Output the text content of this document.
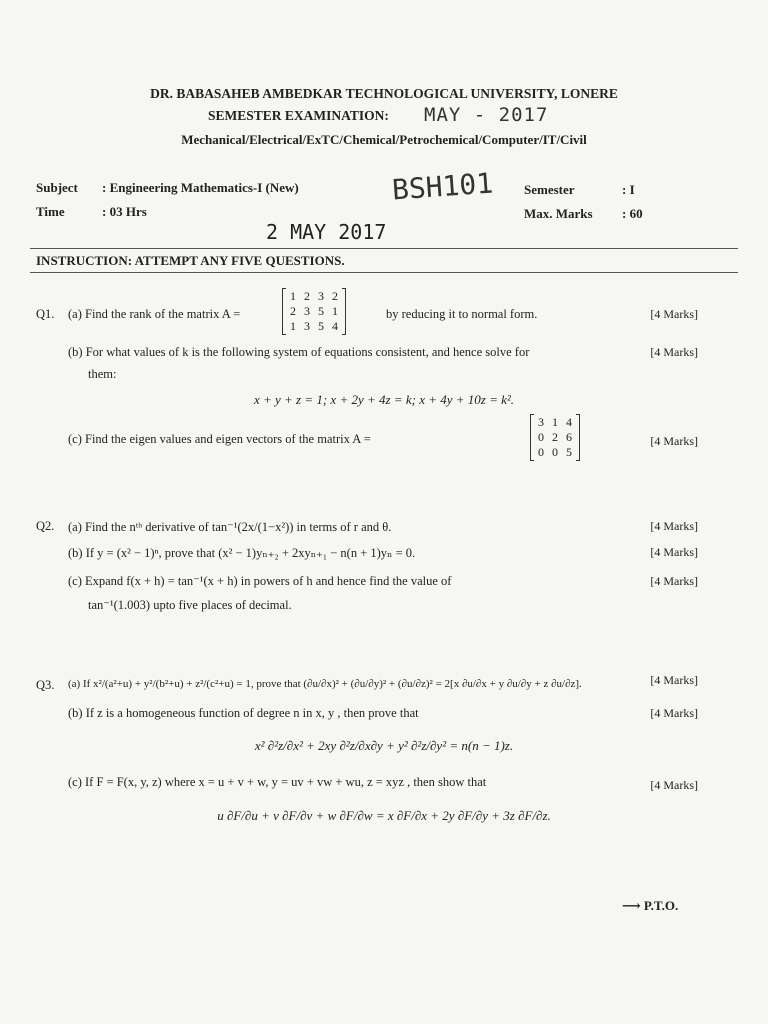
DR. BABASAHEB AMBEDKAR TECHNOLOGICAL UNIVERSITY, LONERE
SEMESTER EXAMINATION: MAY - 2017
Mechanical/Electrical/ExTC/Chemical/Petrochemical/Computer/IT/Civil
Subject : Engineering Mathematics-I (New)
Time	: 03 Hrs
BSH101 Semester	: I
Max. Marks : 60
2 MAY 2017
INSTRUCTION: ATTEMPT ANY FIVE QUESTIONS.
Q1. (a) Find the rank of the matrix A =
1	2	3	2
2	3	5	1
1	3	5	4
by reducing it to normal form.	[4 Marks]
(b) For what values of k is the following system of equations consistent, and hence solve for	[4 Marks]
them:
x + y + z = 1; x + 2y + 4z = k; x + 4y + 10z = k².
(c) Find the eigen values and eigen vectors of the matrix A =
3	1	4
0	2	6
0	0	5
[4 Marks]
Q2. (a) Find the nᵗʰ derivative of tan⁻¹(2x/(1−x²)) in terms of r and θ.	[4 Marks]
(b) If y = (x² − 1)ⁿ, prove that (x² − 1)yₙ₊₂ + 2xyₙ₊₁ − n(n + 1)yₙ = 0.	[4 Marks]
(c) Expand f(x + h) = tan⁻¹(x + h) in powers of h and hence find the value of	[4 Marks]
tan⁻¹(1.003) upto five places of decimal.
Q3. (a) If x²/(a²+u) + y²/(b²+u) + z²/(c²+u) = 1, prove that (∂u/∂x)² + (∂u/∂y)² + (∂u/∂z)² = 2[x ∂u/∂x + y ∂u/∂y + z ∂u/∂z].	[4 Marks]
(b) If z is a homogeneous function of degree n in x, y , then prove that	[4 Marks]
x² ∂²z/∂x² + 2xy ∂²z/∂x∂y + y² ∂²z/∂y² = n(n − 1)z.
(c) If F = F(x, y, z) where x = u + v + w, y = uv + vw + wu, z = xyz , then show that	[4 Marks]
u ∂F/∂u + v ∂F/∂v + w ∂F/∂w = x ∂F/∂x + 2y ∂F/∂y + 3z ∂F/∂z.
⟶ P.T.O.
